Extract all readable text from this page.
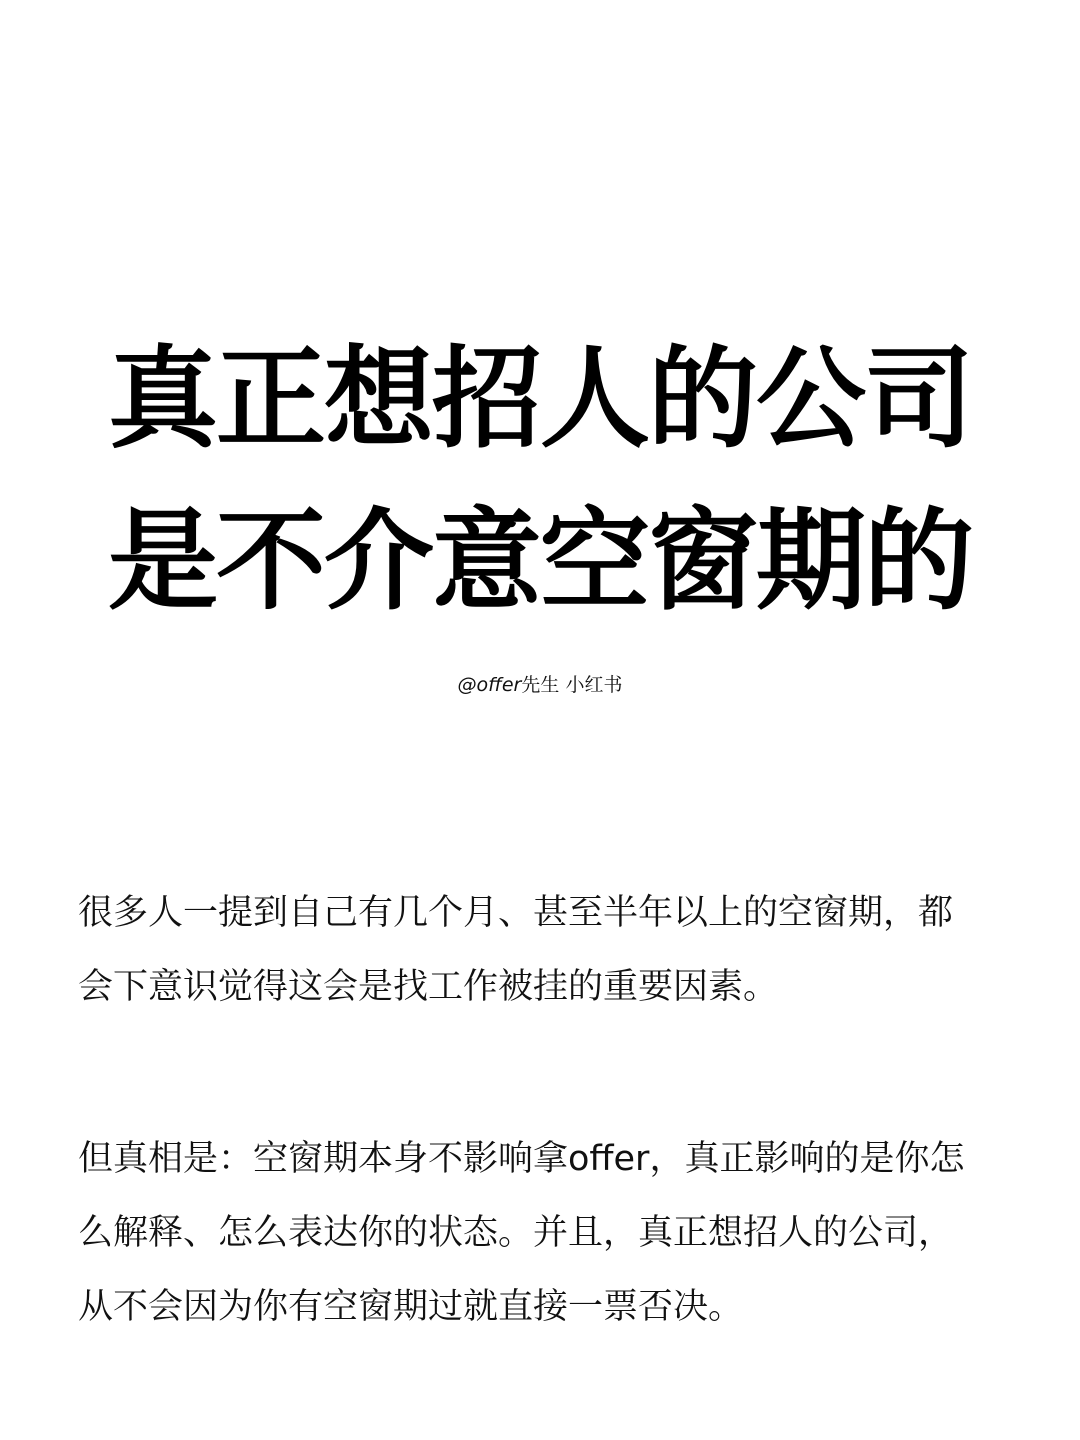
真正想招人的公司
是不介意空窗期的
@offer先生 小红书

很多人一提到自己有几个月、甚至半年以上的空窗期，都
会下意识觉得这会是找工作被挂的重要因素。

但真相是：空窗期本身不影响拿offer，真正影响的是你怎
么解释、怎么表达你的状态。并且，真正想招人的公司，
从不会因为你有空窗期过就直接一票否决。
